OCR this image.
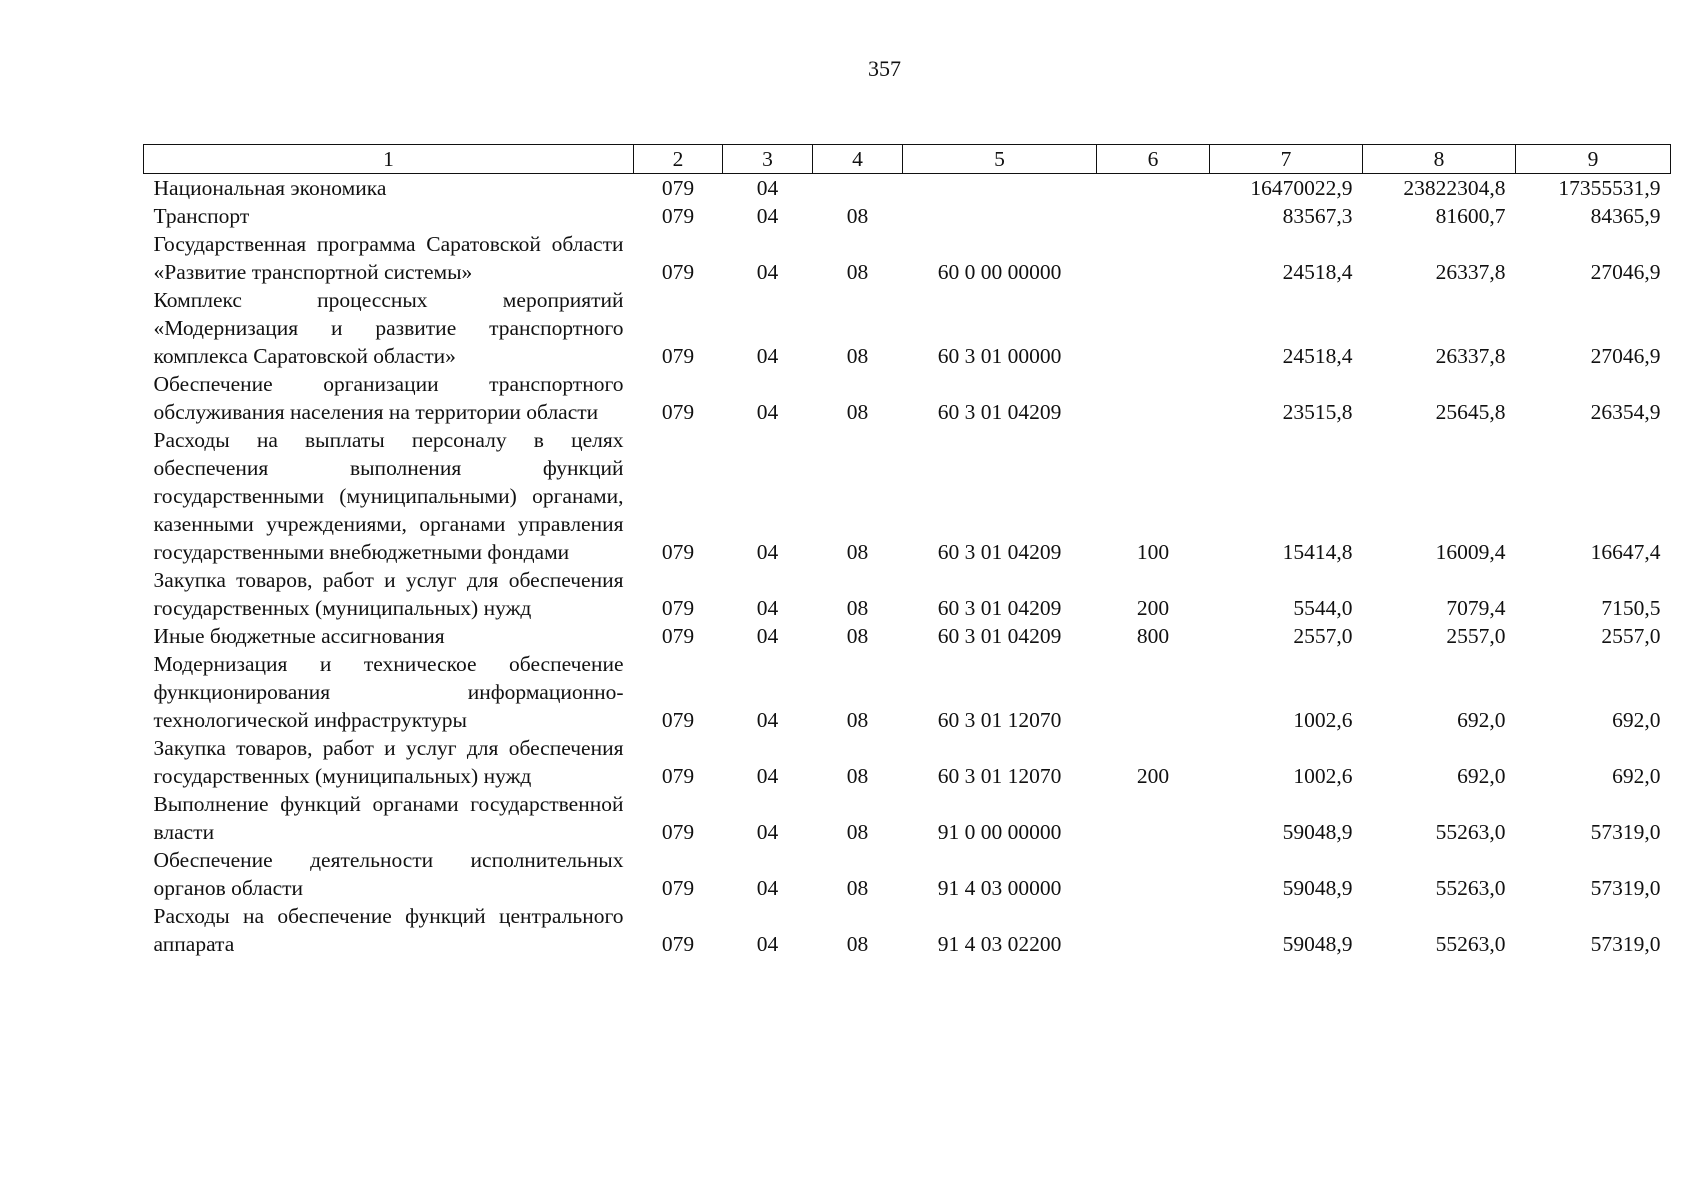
357
1	2	3	4	5	6	7	8	9
Национальная экономика	079	04				16470022,9	23822304,8	17355531,9
Транспорт	079	04	08			83567,3	81600,7	84365,9
Государственная программа Саратовской области «Развитие транспортной системы»	079	04	08	60 0 00 00000		24518,4	26337,8	27046,9
Комплекс процессных мероприятий «Модернизация и развитие транспортного комплекса Саратовской области»	079	04	08	60 3 01 00000		24518,4	26337,8	27046,9
Обеспечение организации транспортного обслуживания населения на территории области	079	04	08	60 3 01 04209		23515,8	25645,8	26354,9
Расходы на выплаты персоналу в целях обеспечения выполнения функций государственными (муниципальными) органами, казенными учреждениями, органами управления государственными внебюджетными фондами	079	04	08	60 3 01 04209	100	15414,8	16009,4	16647,4
Закупка товаров, работ и услуг для обеспечения государственных (муниципальных) нужд	079	04	08	60 3 01 04209	200	5544,0	7079,4	7150,5
Иные бюджетные ассигнования	079	04	08	60 3 01 04209	800	2557,0	2557,0	2557,0
Модернизация и техническое обеспечение функционирования информационно-технологической инфраструктуры	079	04	08	60 3 01 12070		1002,6	692,0	692,0
Закупка товаров, работ и услуг для обеспечения государственных (муниципальных) нужд	079	04	08	60 3 01 12070	200	1002,6	692,0	692,0
Выполнение функций органами государственной власти	079	04	08	91 0 00 00000		59048,9	55263,0	57319,0
Обеспечение деятельности исполнительных органов области	079	04	08	91 4 03 00000		59048,9	55263,0	57319,0
Расходы на обеспечение функций центрального аппарата	079	04	08	91 4 03 02200		59048,9	55263,0	57319,0
